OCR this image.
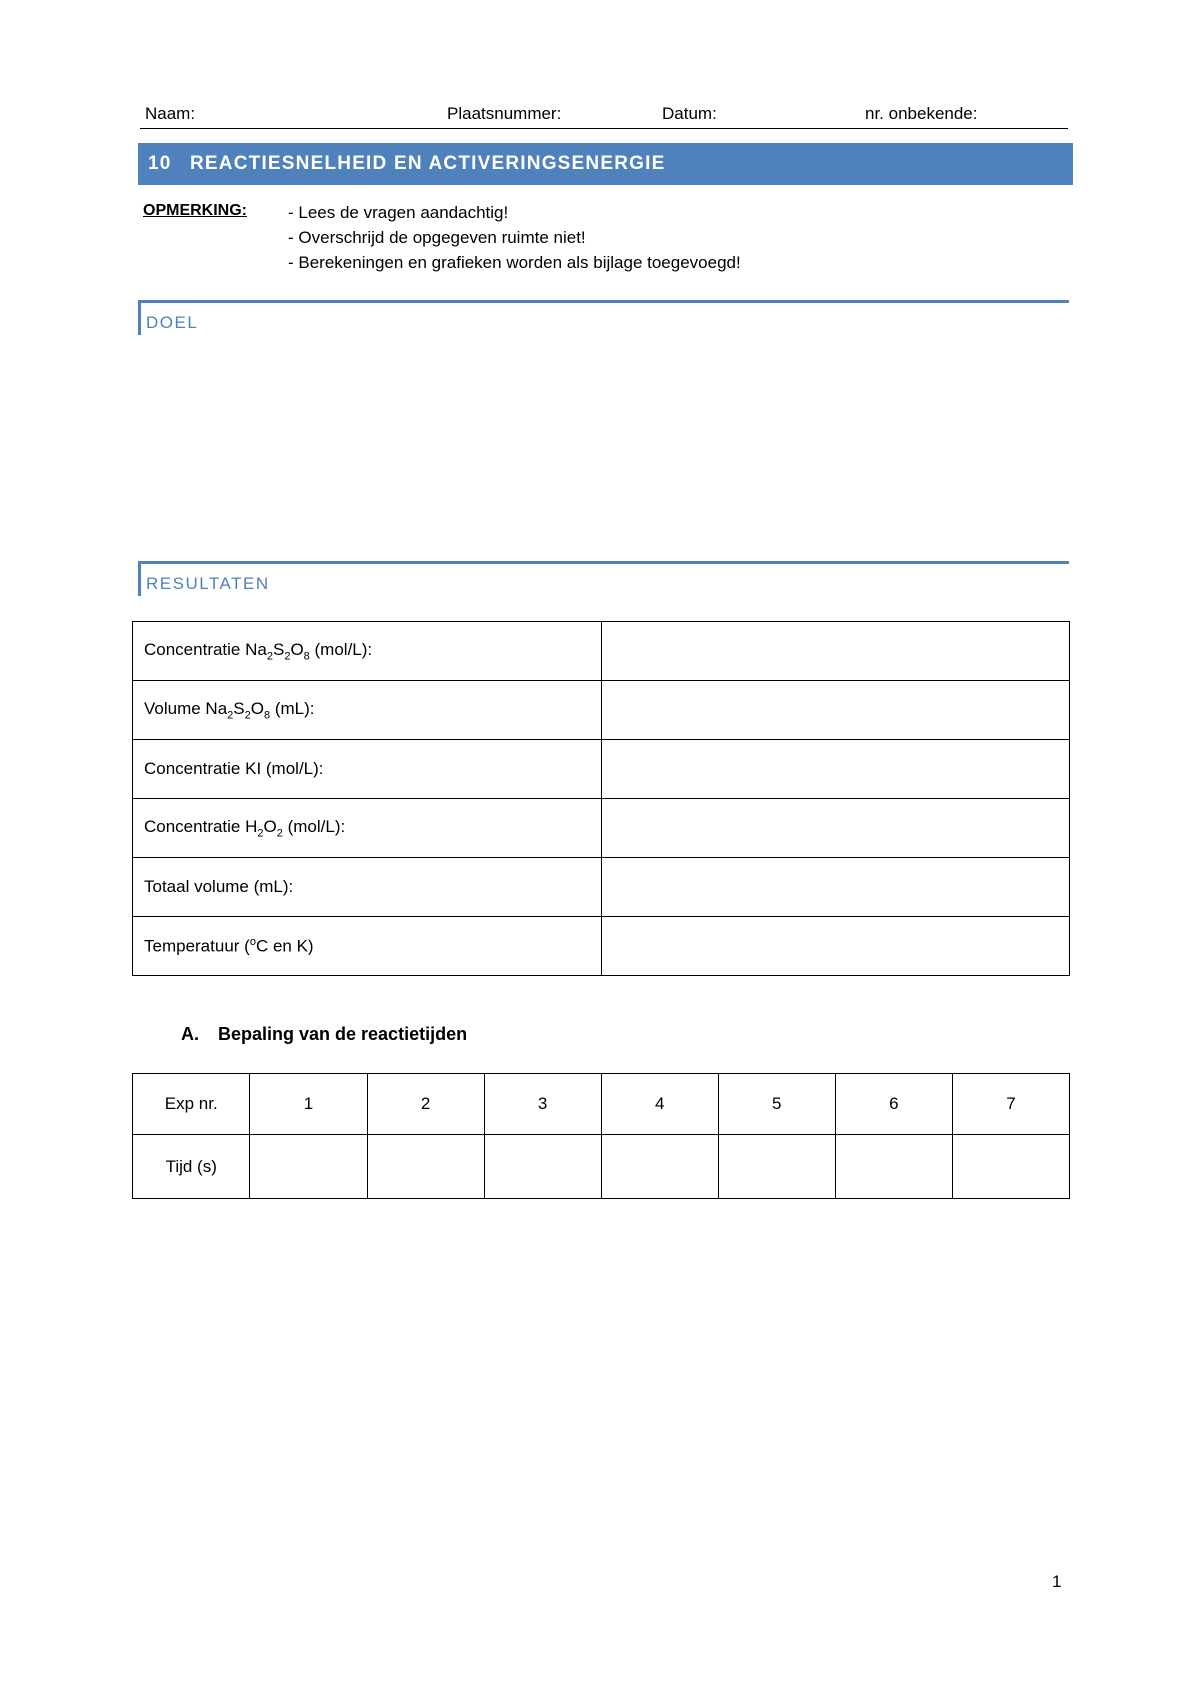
Naam:	Plaatsnummer:	Datum:	nr. onbekende:
10 REACTIESNELHEID EN ACTIVERINGSENERGIE
OPMERKING:	- Lees de vragen aandachtig!
- Overschrijd de opgegeven ruimte niet!
- Berekeningen en grafieken worden als bijlage toegevoegd!
DOEL
RESULTATEN
Concentratie $Na_2S_2O_8$ (mol/L):	
Volume $Na_2S_2O_8$ (mL):	
Concentratie KI (mol/L):	
Concentratie $H_2O_2$ (mol/L):	
Totaal volume (mL):	
Temperatuur ($^o$C en K)	
A. Bepaling van de reactietijden
Exp nr.	1	2	3	4	5	6	7
Tijd (s)							
1
